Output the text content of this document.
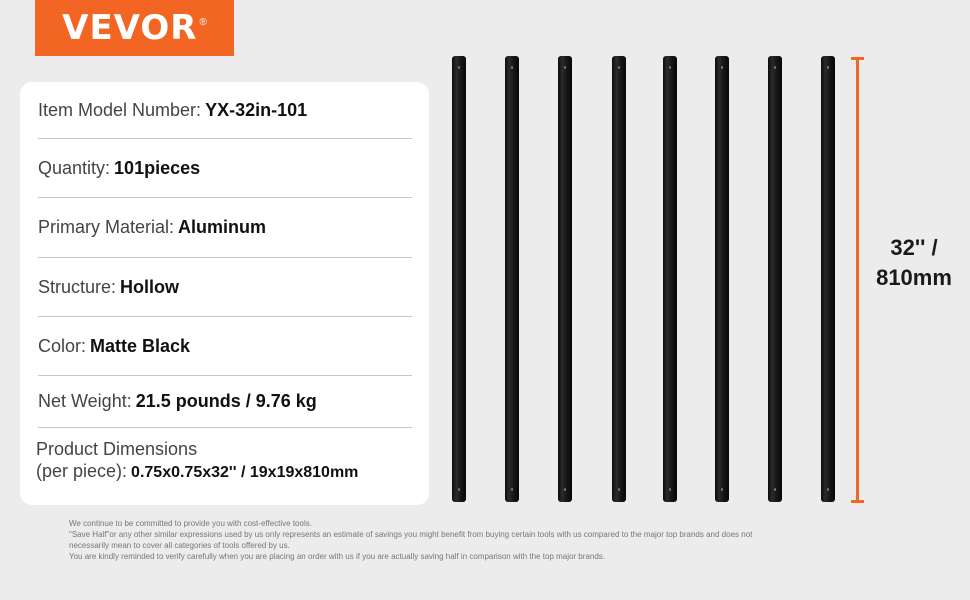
VEVOR ®
Item Model Number: YX-32in-101
Quantity: 101pieces
Primary Material: Aluminum
Structure: Hollow
Color: Matte Black
Net Weight: 21.5 pounds / 9.76 kg
Product Dimensions
(per piece): 0.75x0.75x32'' / 19x19x810mm
32'' /
810mm

We continue to be committed to provide you with cost-effective tools.

"Save Half"or any other similar expressions used by us only represents an estimate of savings you might benefit from buying certain tools with us compared to the major top brands and does not

necessarily mean to cover all categories of tools offered by us.

You are kindly reminded to verify carefully when you are placing an order with us if you are actually saving half in comparison with the top major brands.
